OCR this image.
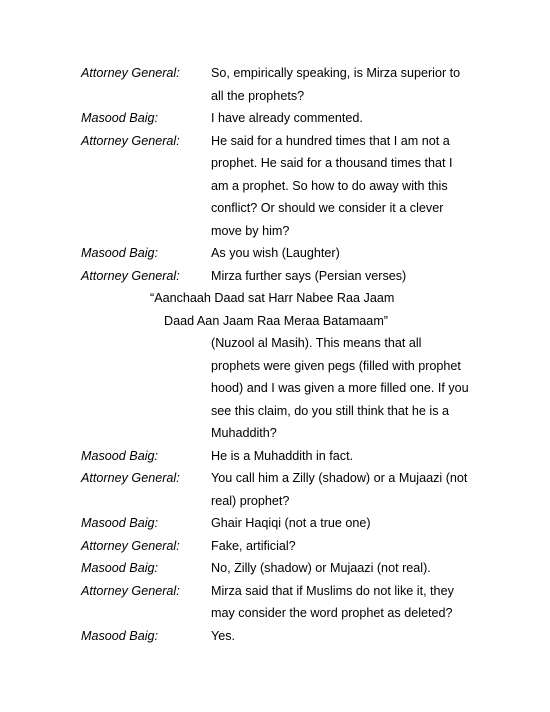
Attorney General: So, empirically speaking, is Mirza superior to all the prophets?
Masood Baig:	I have already commented.
Attorney General: He said for a hundred times that I am not a prophet. He said for a thousand times that I am a prophet. So how to do away with this conflict? Or should we consider it a clever move by him?
Masood Baig:	As you wish (Laughter)
Attorney General: Mirza further says (Persian verses)
“Aanchaah Daad sat Harr Nabee Raa Jaam
Daad Aan Jaam Raa Meraa Batamaam”
(Nuzool al Masih). This means that all prophets were given pegs (filled with prophet hood) and I was given a more filled one. If you see this claim, do you still think that he is a Muhaddith?
Masood Baig:	He is a Muhaddith in fact.
Attorney General: You call him a Zilly (shadow) or a Mujaazi (not real) prophet?
Masood Baig:	Ghair Haqiqi (not a true one)
Attorney General: Fake, artificial?
Masood Baig:	No, Zilly (shadow) or Mujaazi (not real).
Attorney General: Mirza said that if Muslims do not like it, they may consider the word prophet as deleted?
Masood Baig:	Yes.
